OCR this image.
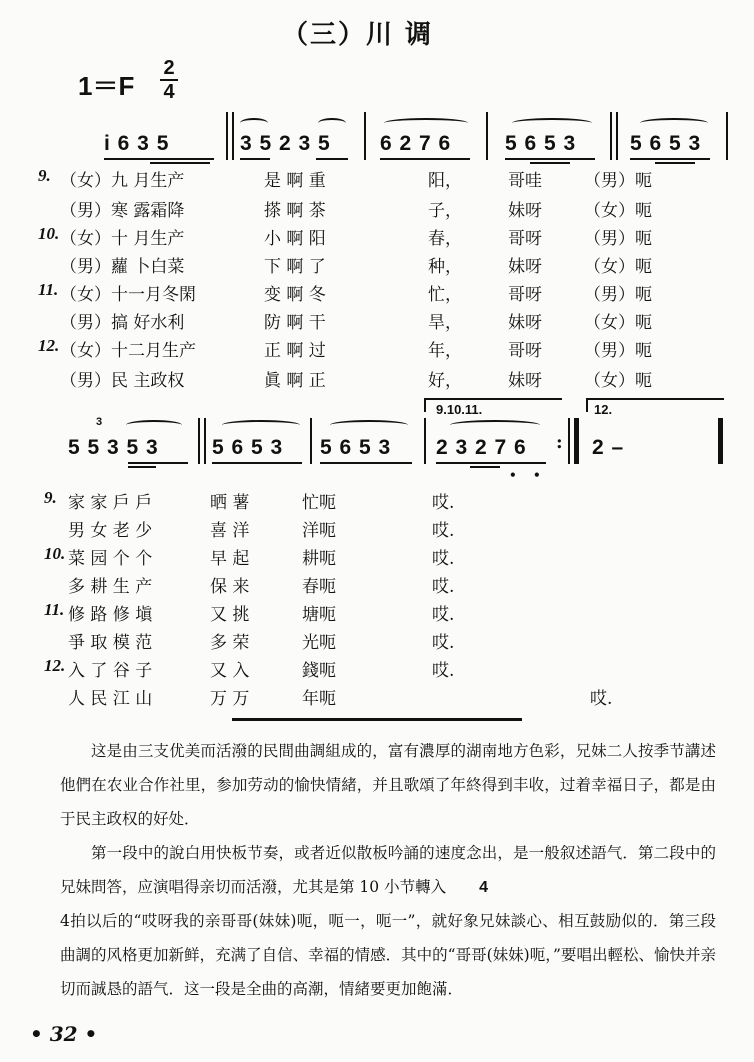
（三）川 调
1＝F
2
4
i 6 3 5	3 5 2 3 5 6 2 7 6	5 6 5 3	5 6 5 3
9. （女）九 月生产	是 啊 重	阳，	哥哇 （男）呃
（男）寒 露霜降	搽 啊 茶	子，	妹呀 （女）呃
10. （女）十 月生产	小 啊 阳	春，	哥呀 （男）呃
（男）蘿 卜白菜	下 啊 了	种，	妹呀 （女）呃
11. （女）十一月冬閑	变 啊 冬	忙，	哥呀 （男）呃
（男）搞 好水利	防 啊 干	旱，	妹呀 （女）呃
12. （女）十二月生产	正 啊 过	年，	哥呀 （男）呃
（男）民 主政权	眞 啊 正	好，	妹呀 （女）呃
9.10.11.	12.
3
5 5 3 5 3	5 6 5 3 5 6 5 3 2 3 2 7 6	2 –
:
• •
9. 家 家 戶 戶	晒 薯	忙呃	哎.
男 女 老 少	喜 洋	洋呃	哎.
10. 菜 园 个 个	早 起	耕呃	哎.
多 耕 生 产	保 来	春呃	哎.
11. 修 路 修 塡	又 挑	塘呃	哎.
爭 取 模 范	多 荣	光呃	哎.
12. 入 了 谷 子	又 入	錢呃	哎.
人 民 江 山	万 万	年呃	哎.

这是由三支优美而活潑的民間曲調組成的，富有濃厚的湖南地方色彩，兄妹二人按季节講述他們在农业合作社里，参加劳动的愉快情緒，并且歌頌了年終得到丰收，过着幸福日子，都是由于民主政权的好处．

第一段中的說白用快板节奏，或者近似散板吟誦的速度念出，是一般叙述語气．第二段中的兄妹問答，应演唱得亲切而活潑，尤其是第 10 小节轉入 4

4拍以后的“哎呀我的亲哥哥(妹妹)呃，呃一，呃一”，就好象兄妹談心、相互鼓励似的．第三段曲調的风格更加新鲜，充满了自信、幸福的情感．其中的“哥哥(妹妹)呃，”要唱出輕松、愉快并亲切而誠恳的語气．这一段是全曲的高潮，情緒要更加飽滿．

• 32 •
